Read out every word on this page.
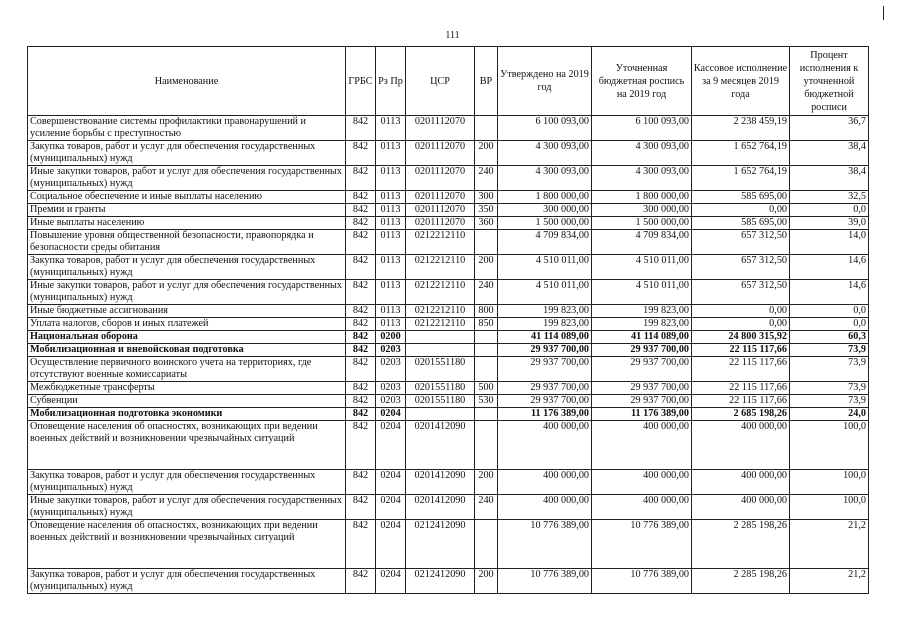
111
Наименование	ГРБС	Рз Пр	ЦСР	ВР	Утверждено на 2019 год	Уточненная бюджетная роспись на 2019 год	Кассовое исполнение за 9 месяцев 2019 года	Процент исполнения к уточненной бюджетной росписи
Совершенствование системы профилактики правонарушений и усиление борьбы с преступностью	842	0113	0201112070		6 100 093,00	6 100 093,00	2 238 459,19	36,7
Закупка товаров, работ и услуг для обеспечения государственных (муниципальных) нужд	842	0113	0201112070	200	4 300 093,00	4 300 093,00	1 652 764,19	38,4
Иные закупки товаров, работ и услуг для обеспечения государственных (муниципальных) нужд	842	0113	0201112070	240	4 300 093,00	4 300 093,00	1 652 764,19	38,4
Социальное обеспечение и иные выплаты населению	842	0113	0201112070	300	1 800 000,00	1 800 000,00	585 695,00	32,5
Премии и гранты	842	0113	0201112070	350	300 000,00	300 000,00	0,00	0,0
Иные выплаты населению	842	0113	0201112070	360	1 500 000,00	1 500 000,00	585 695,00	39,0
Повышение уровня общественной безопасности, правопорядка и безопасности среды обитания	842	0113	0212212110		4 709 834,00	4 709 834,00	657 312,50	14,0
Закупка товаров, работ и услуг для обеспечения государственных (муниципальных) нужд	842	0113	0212212110	200	4 510 011,00	4 510 011,00	657 312,50	14,6
Иные закупки товаров, работ и услуг для обеспечения государственных (муниципальных) нужд	842	0113	0212212110	240	4 510 011,00	4 510 011,00	657 312,50	14,6
Иные бюджетные ассигнования	842	0113	0212212110	800	199 823,00	199 823,00	0,00	0,0
Уплата налогов, сборов и иных платежей	842	0113	0212212110	850	199 823,00	199 823,00	0,00	0,0
Национальная оборона	842	0200			41 114 089,00	41 114 089,00	24 800 315,92	60,3
Мобилизационная и вневойсковая подготовка	842	0203			29 937 700,00	29 937 700,00	22 115 117,66	73,9
Осуществление первичного воинского учета на территориях, где отсутствуют военные комиссариаты	842	0203	0201551180		29 937 700,00	29 937 700,00	22 115 117,66	73,9
Межбюджетные трансферты	842	0203	0201551180	500	29 937 700,00	29 937 700,00	22 115 117,66	73,9
Субвенции	842	0203	0201551180	530	29 937 700,00	29 937 700,00	22 115 117,66	73,9
Мобилизационная подготовка экономики	842	0204			11 176 389,00	11 176 389,00	2 685 198,26	24,0
Оповещение населения об опасностях, возникающих при ведении военных действий и возникновении чрезвычайных ситуаций	842	0204	0201412090		400 000,00	400 000,00	400 000,00	100,0
Закупка товаров, работ и услуг для обеспечения государственных (муниципальных) нужд	842	0204	0201412090	200	400 000,00	400 000,00	400 000,00	100,0
Иные закупки товаров, работ и услуг для обеспечения государственных (муниципальных) нужд	842	0204	0201412090	240	400 000,00	400 000,00	400 000,00	100,0
Оповещение населения об опасностях, возникающих при ведении военных действий и возникновении чрезвычайных ситуаций	842	0204	0212412090		10 776 389,00	10 776 389,00	2 285 198,26	21,2
Закупка товаров, работ и услуг для обеспечения государственных (муниципальных) нужд	842	0204	0212412090	200	10 776 389,00	10 776 389,00	2 285 198,26	21,2
